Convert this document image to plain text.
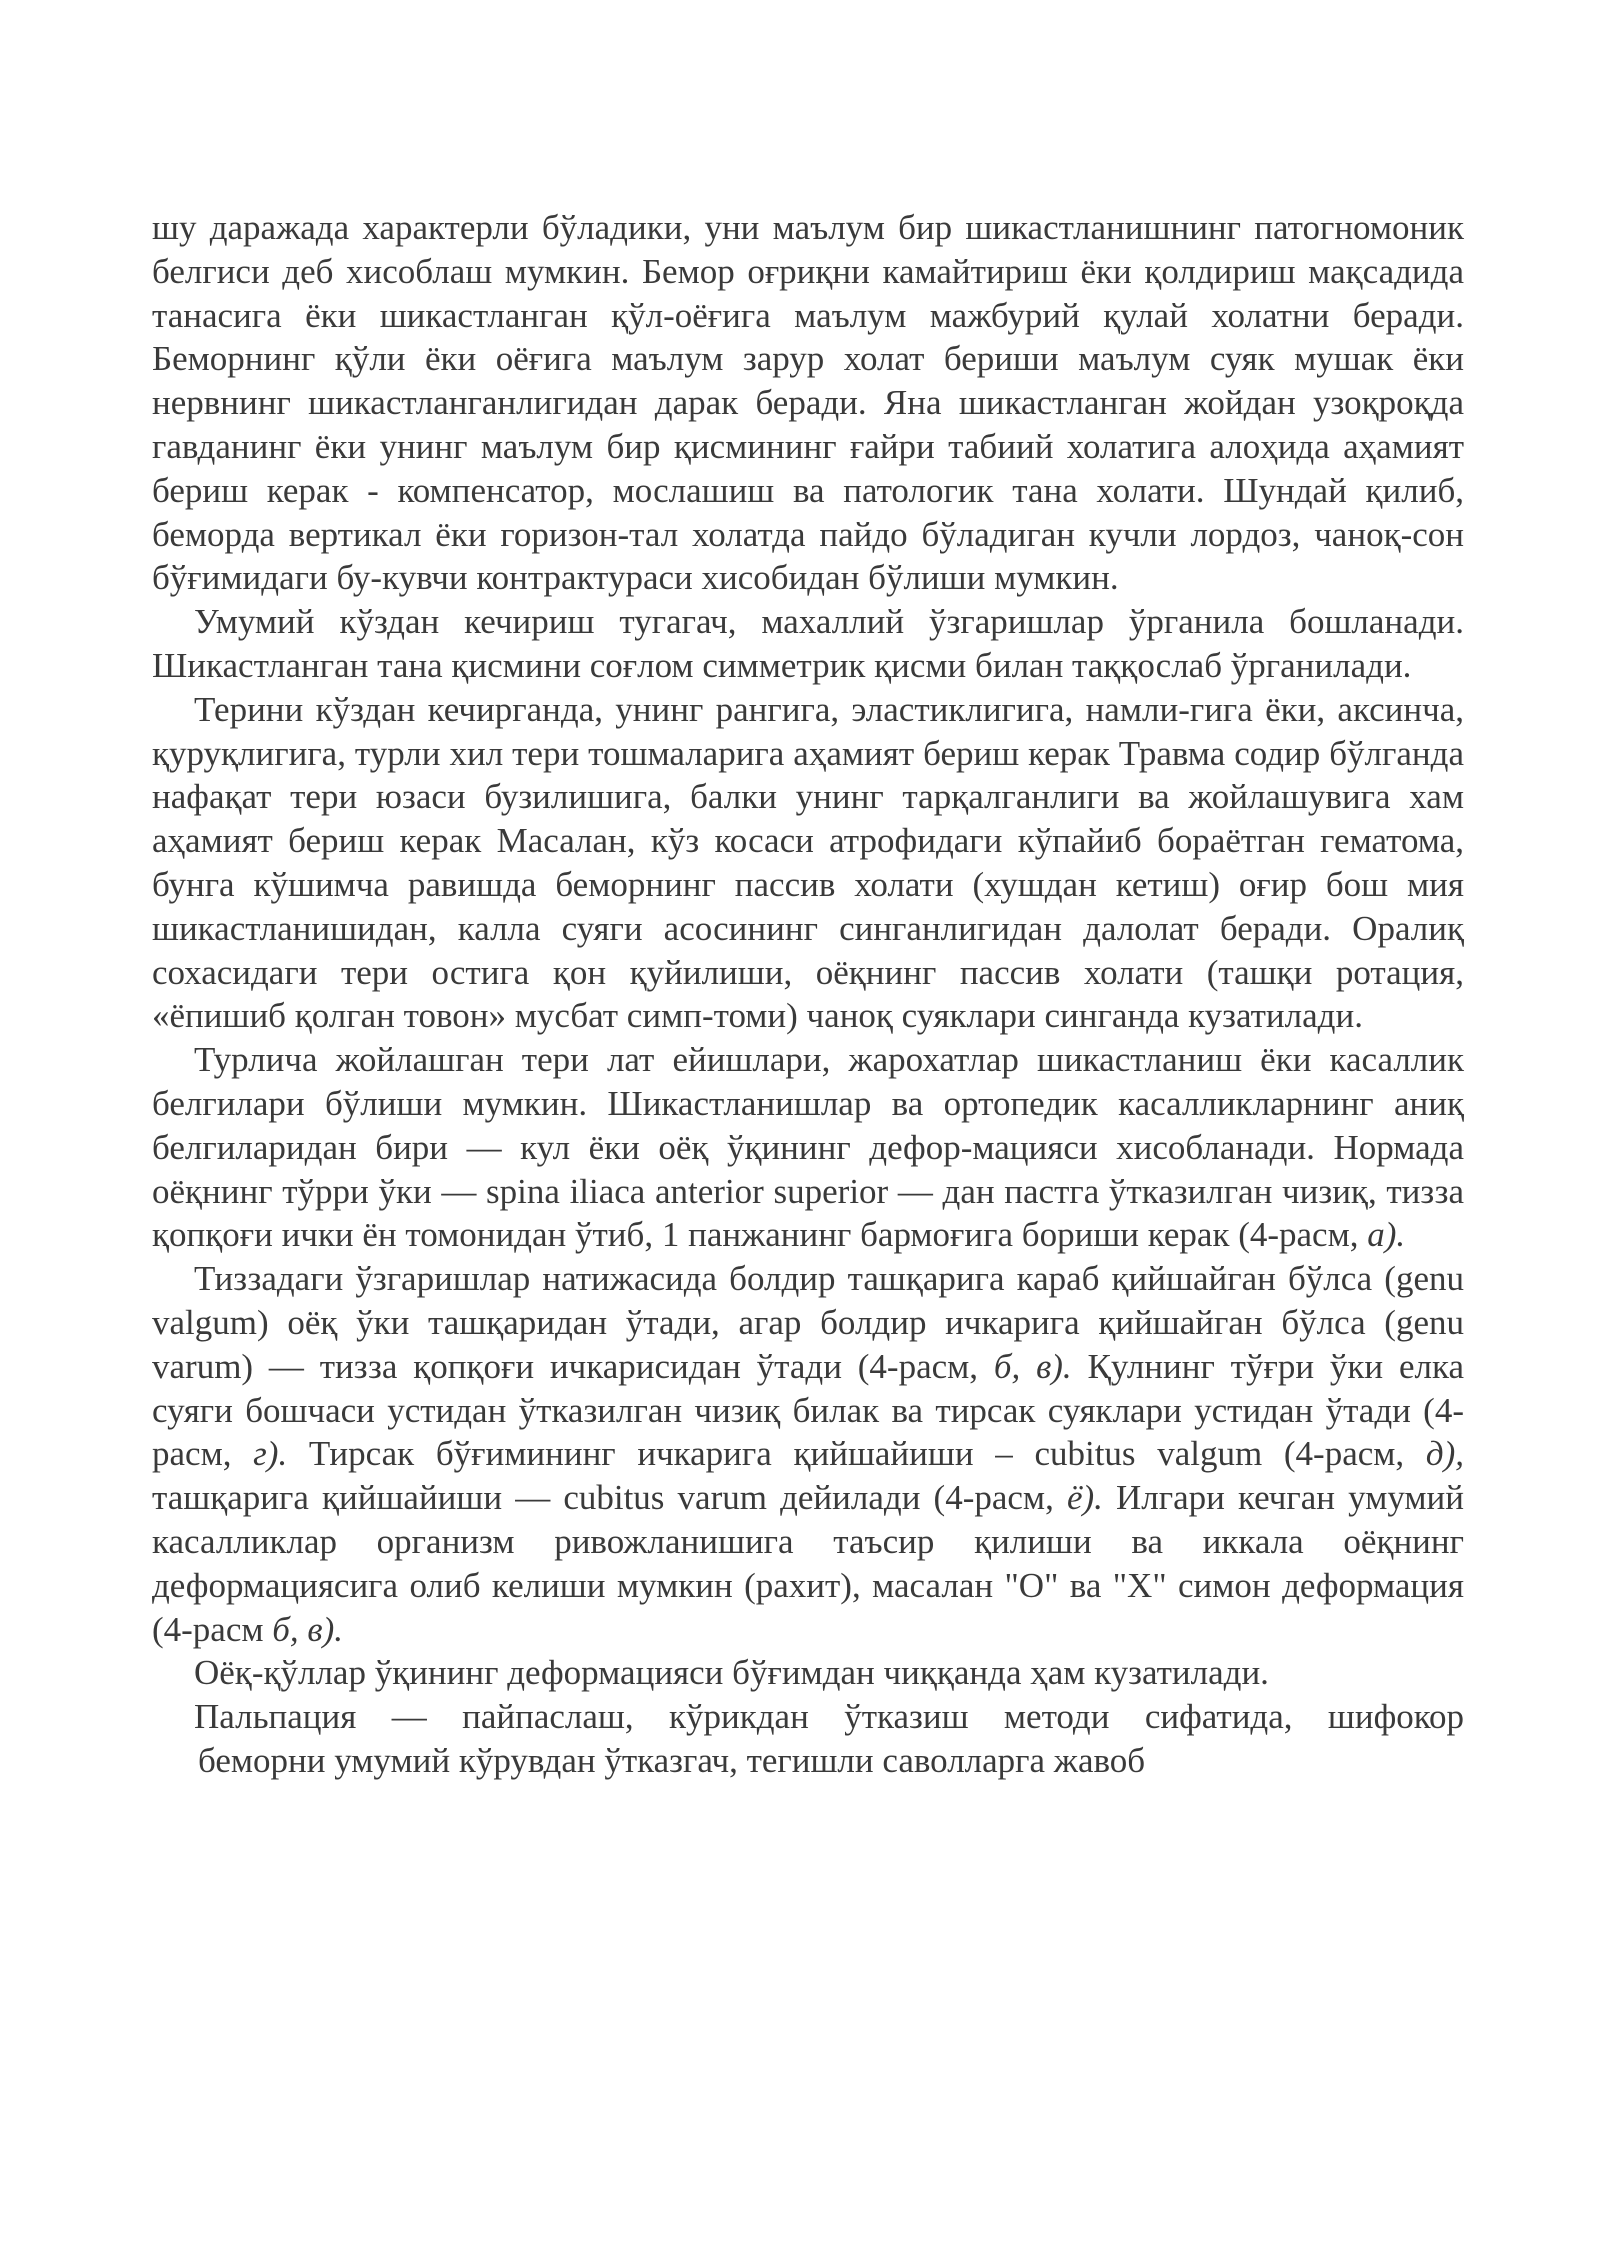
шу даражада характерли бўладики, уни маълум бир шикастланишнинг патогномоник белгиси деб хисоблаш мумкин. Бемор оғриқни камайтириш ёки қолдириш мақсадида танасига ёки шикастланган қўл-оёғига маълум мажбурий қулай холатни беради. Беморнинг қўли ёки оёғига маълум зарур холат бериши маълум суяк мушак ёки нервнинг шикастланганлигидан дарак беради. Яна шикастланган жойдан узоқроқда гавданинг ёки унинг маълум бир қисмининг ғайри табиий холатига алоҳида аҳамият бериш керак - компенсатор, мослашиш ва патологик тана холати. Шундай қилиб, беморда вертикал ёки горизон-тал холатда пайдо бўладиган кучли лордоз, чаноқ-сон бўғимидаги бу-кувчи контрактураси хисобидан бўлиши мумкин.

Умумий кўздан кечириш тугагач, махаллий ўзгаришлар ўрганила бошланади. Шикастланган тана қисмини соғлом симметрик қисми билан таққослаб ўрганилади.

Терини кўздан кечирганда, унинг рангига, эластиклигига, намли-гига ёки, аксинча, қуруқлигига, турли хил тери тошмаларига аҳамият бериш керак Травма содир бўлганда нафақат тери юзаси бузилишига, балки унинг тарқалганлиги ва жойлашувига хам аҳамият бериш керак Масалан, кўз косаси атрофидаги кўпайиб бораётган гематома, бунга кўшимча равишда беморнинг пассив холати (хушдан кетиш) оғир бош мия шикастланишидан, калла суяги асосининг синганлигидан далолат беради. Оралиқ сохасидаги тери остига қон қуйилиши, оёқнинг пассив холати (ташқи ротация, «ёпишиб қолган товон» мусбат симп-томи) чаноқ суяклари синганда кузатилади.

Турлича жойлашган тери лат ейишлари, жарохатлар шикастланиш ёки касаллик белгилари бўлиши мумкин. Шикастланишлар ва ортопедик касалликларнинг аниқ белгиларидан бири — кул ёки оёқ ўқининг дефор-мацияси хисобланади. Нормада оёқнинг тўрри ўки — spina iliaca anterior superior — дан пастга ўтказилган чизиқ, тизза қопқоғи ички ён томонидан ўтиб, 1 панжанинг бармоғига бориши керак (4-расм, а).

Тиззадаги ўзгаришлар натижасида болдир ташқарига караб қийшайган бўлса (genu valgum) оёқ ўки ташқаридан ўтади, агар болдир ичкарига қийшайган бўлса (genu varum) — тизза қопқоғи ичкарисидан ўтади (4-расм, б, в). Қулнинг тўғри ўки елка суяги бошчаси устидан ўтказилган чизиқ билак ва тирсак суяклари устидан ўтади (4-расм, г). Тирсак бўғимининг ичкарига қийшайиши – cubitus valgum (4-расм, д), ташқарига қийшайиши — cubitus varum дейилади (4-расм, ё). Илгари кечган умумий касалликлар организм ривожланишига таъсир қилиши ва иккала оёқнинг деформациясига олиб келиши мумкин (рахит), масалан "О" ва "Х" симон деформация (4-расм б, в).

Оёқ-қўллар ўқининг деформацияси бўғимдан чиққанда ҳам кузатилади.

Пальпация — пайпаслаш, кўрикдан ўтказиш методи сифатида, шифокор
беморни умумий кўрувдан ўтказгач, тегишли саволларга жавоб
